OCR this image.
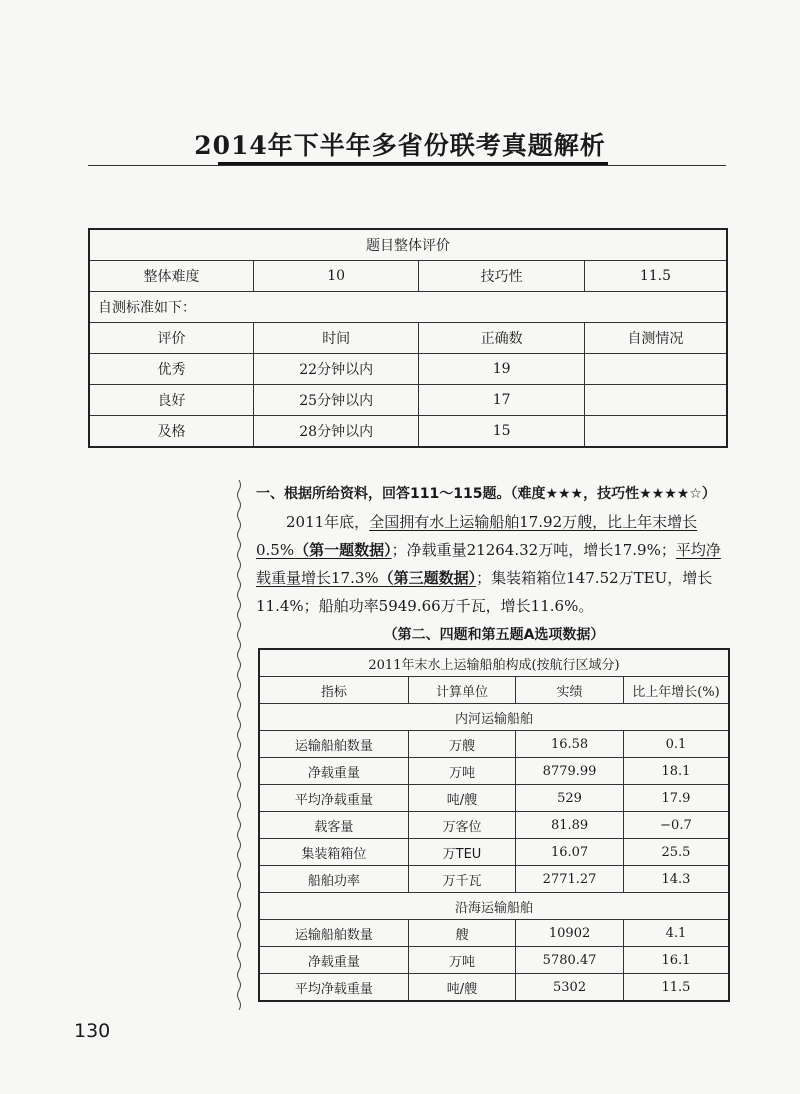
2014年下半年多省份联考真题解析
题目整体评价			
整体难度	10	技巧性	11.5
自测标准如下：			
评价	时间	正确数	自测情况
优秀	22分钟以内	19	
良好	25分钟以内	17	
及格	28分钟以内	15	
一、根据所给资料，回答111～115题。（难度★★★，技巧性★★★★☆）

2011年底，全国拥有水上运输船舶17.92万艘，比上年末增长0.5%（第一题数据）；净载重量21264.32万吨，增长17.9%；平均净载重量增长17.3%（第三题数据）；集装箱箱位147.52万TEU，增长11.4%；船舶功率5949.66万千瓦，增长11.6%。

（第二、四题和第五题A选项数据）
2011年末水上运输船舶构成(按航行区域分)			
指标	计算单位	实绩	比上年增长(%)
内河运输船舶			
运输船舶数量	万艘	16.58	0.1
净载重量	万吨	8779.99	18.1
平均净载重量	吨/艘	529	17.9
载客量	万客位	81.89	−0.7
集装箱箱位	万TEU	16.07	25.5
船舶功率	万千瓦	2771.27	14.3
沿海运输船舶			
运输船舶数量	艘	10902	4.1
净载重量	万吨	5780.47	16.1
平均净载重量	吨/艘	5302	11.5
130
